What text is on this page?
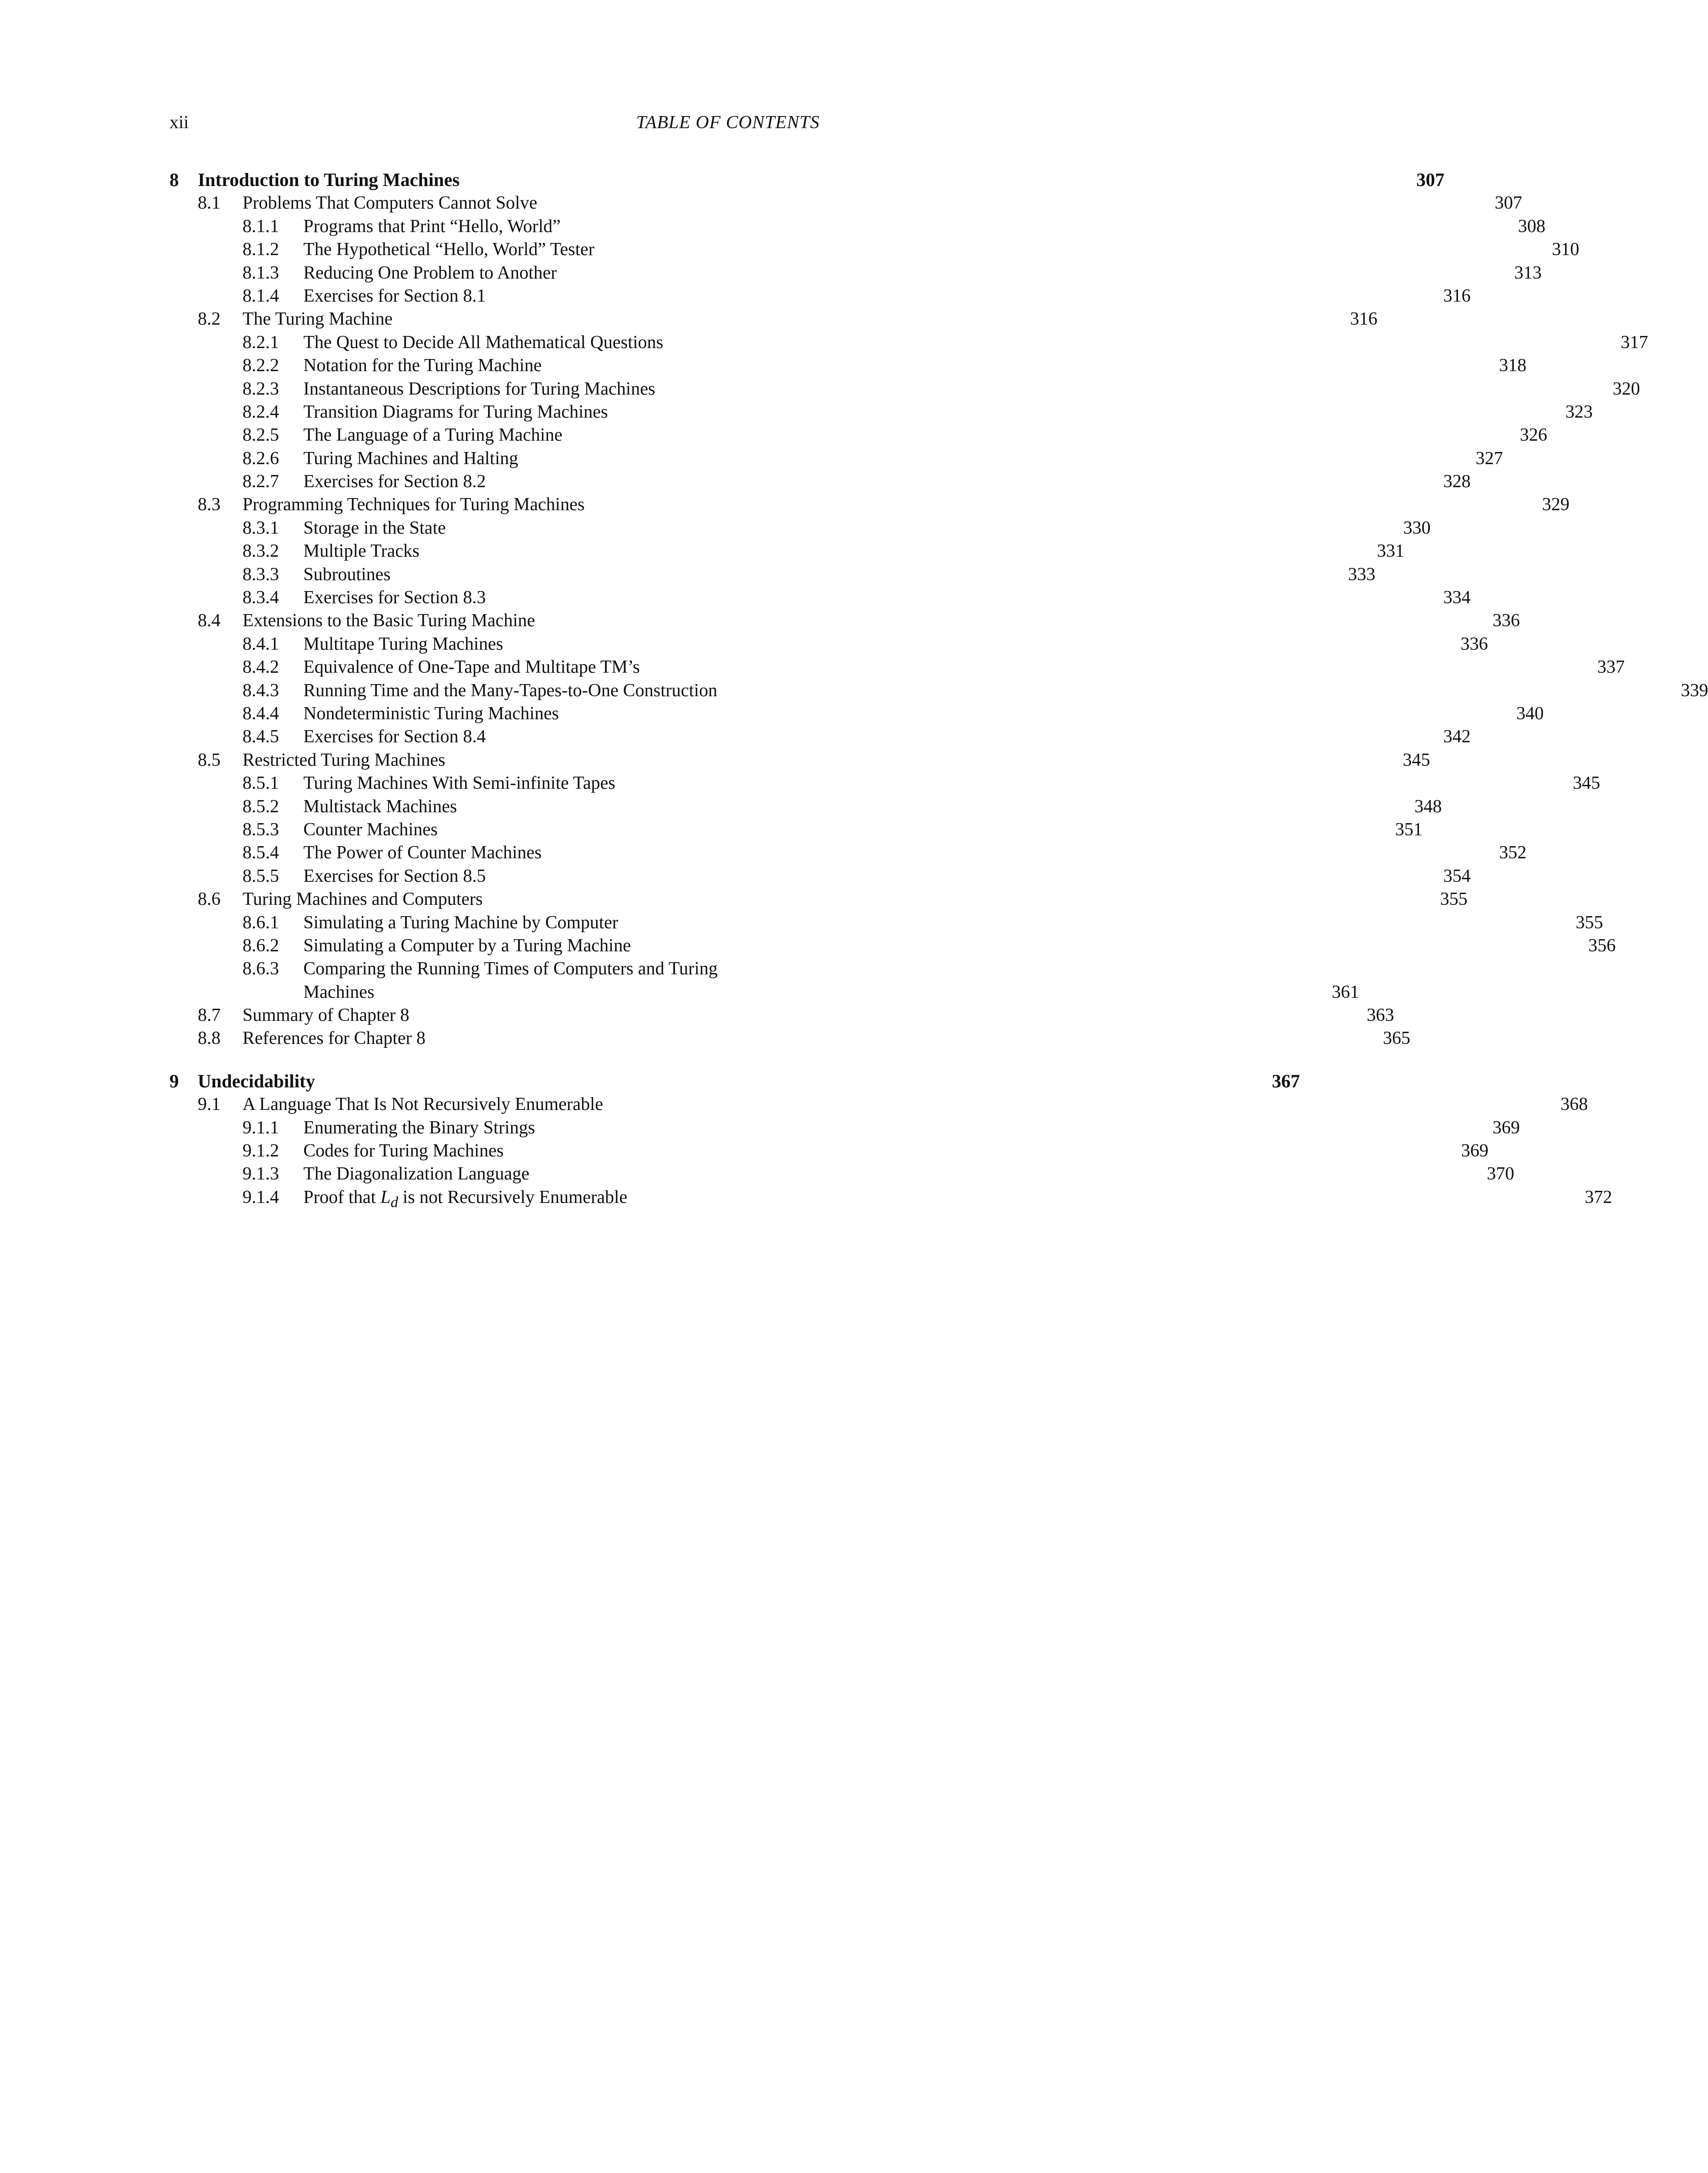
xii	TABLE OF CONTENTS
8 Introduction to Turing Machines	307
8.1 Problems That Computers Cannot Solve	307
8.1.1 Programs that Print “Hello, World”	308
8.1.2 The Hypothetical “Hello, World” Tester	310
8.1.3 Reducing One Problem to Another	313
8.1.4 Exercises for Section 8.1	316
8.2 The Turing Machine	316
8.2.1 The Quest to Decide All Mathematical Questions	317
8.2.2 Notation for the Turing Machine	318
8.2.3 Instantaneous Descriptions for Turing Machines	320
8.2.4 Transition Diagrams for Turing Machines	323
8.2.5 The Language of a Turing Machine	326
8.2.6 Turing Machines and Halting	327
8.2.7 Exercises for Section 8.2	328
8.3 Programming Techniques for Turing Machines	329
8.3.1 Storage in the State	330
8.3.2 Multiple Tracks	331
8.3.3 Subroutines	333
8.3.4 Exercises for Section 8.3	334
8.4 Extensions to the Basic Turing Machine	336
8.4.1 Multitape Turing Machines	336
8.4.2 Equivalence of One-Tape and Multitape TM’s	337
8.4.3 Running Time and the Many-Tapes-to-One Construction	339
8.4.4 Nondeterministic Turing Machines	340
8.4.5 Exercises for Section 8.4	342
8.5 Restricted Turing Machines	345
8.5.1 Turing Machines With Semi-infinite Tapes	345
8.5.2 Multistack Machines	348
8.5.3 Counter Machines	351
8.5.4 The Power of Counter Machines	352
8.5.5 Exercises for Section 8.5	354
8.6 Turing Machines and Computers	355
8.6.1 Simulating a Turing Machine by Computer	355
8.6.2 Simulating a Computer by a Turing Machine	356
8.6.3 Comparing the Running Times of Computers and Turing
Machines	361
8.7 Summary of Chapter 8	363
8.8 References for Chapter 8	365
9 Undecidability	367
9.1 A Language That Is Not Recursively Enumerable	368
9.1.1 Enumerating the Binary Strings	369
9.1.2 Codes for Turing Machines	369
9.1.3 The Diagonalization Language	370
9.1.4 Proof that $L_d$ is not Recursively Enumerable	372
